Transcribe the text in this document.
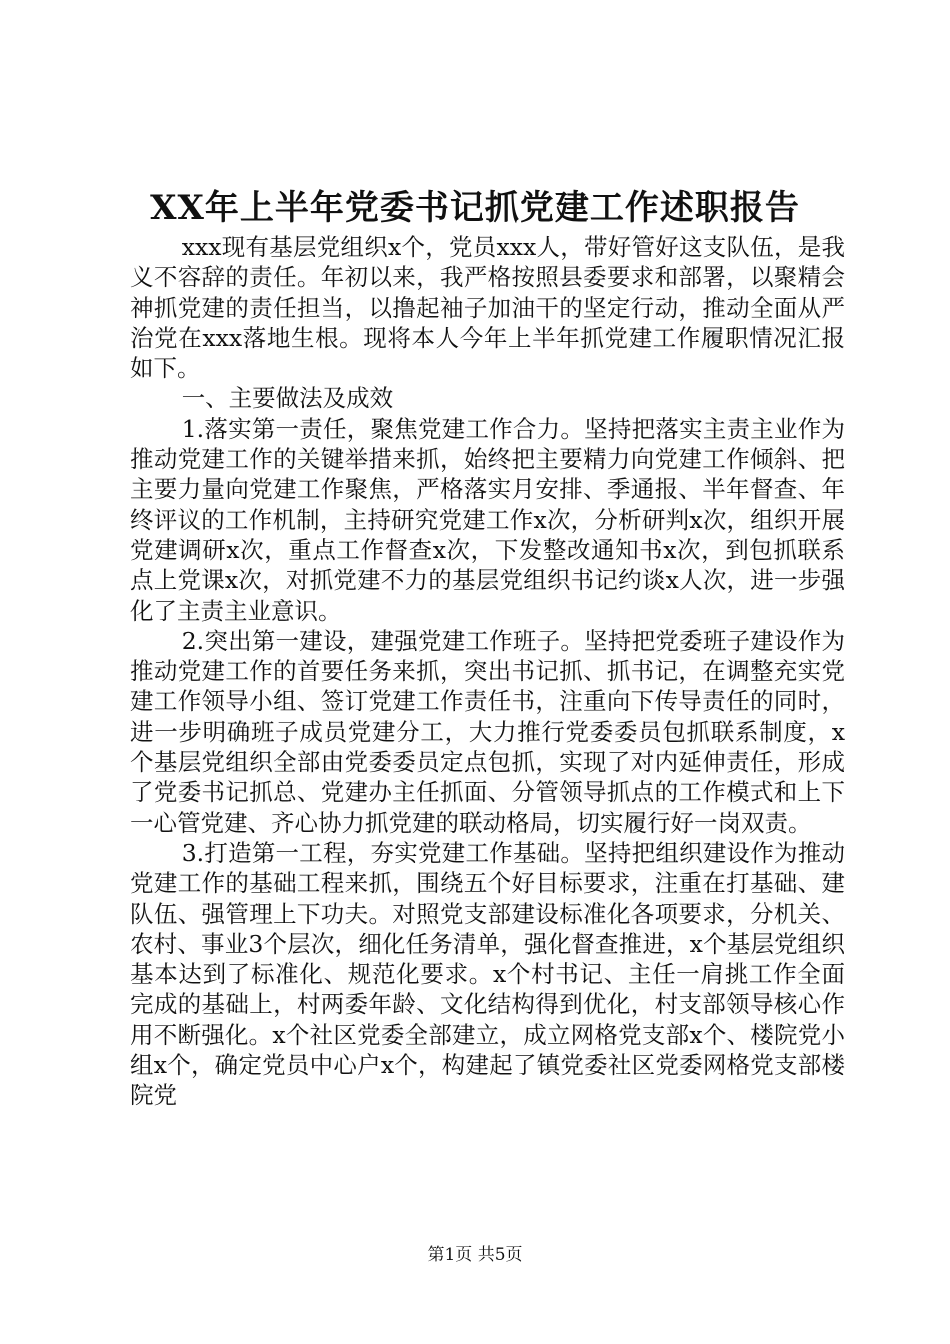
XX年上半年党委书记抓党建工作述职报告

xxx现有基层党组织x个，党员xxx人，带好管好这支队伍，是我义不容辞的责任。年初以来，我严格按照县委要求和部署，以聚精会神抓党建的责任担当，以撸起袖子加油干的坚定行动，推动全面从严治党在xxx落地生根。现将本人今年上半年抓党建工作履职情况汇报如下。

一、主要做法及成效

1.落实第一责任，聚焦党建工作合力。坚持把落实主责主业作为推动党建工作的关键举措来抓，始终把主要精力向党建工作倾斜、把主要力量向党建工作聚焦，严格落实月安排、季通报、半年督查、年终评议的工作机制，主持研究党建工作x次，分析研判x次，组织开展党建调研x次，重点工作督查x次，下发整改通知书x次，到包抓联系点上党课x次，对抓党建不力的基层党组织书记约谈x人次，进一步强化了主责主业意识。

2.突出第一建设，建强党建工作班子。坚持把党委班子建设作为推动党建工作的首要任务来抓，突出书记抓、抓书记，在调整充实党建工作领导小组、签订党建工作责任书，注重向下传导责任的同时，进一步明确班子成员党建分工，大力推行党委委员包抓联系制度，x个基层党组织全部由党委委员定点包抓，实现了对内延伸责任，形成了党委书记抓总、党建办主任抓面、分管领导抓点的工作模式和上下一心管党建、齐心协力抓党建的联动格局，切实履行好一岗双责。

3.打造第一工程，夯实党建工作基础。坚持把组织建设作为推动党建工作的基础工程来抓，围绕五个好目标要求，注重在打基础、建队伍、强管理上下功夫。对照党支部建设标准化各项要求，分机关、农村、事业3个层次，细化任务清单，强化督查推进，x个基层党组织基本达到了标准化、规范化要求。x个村书记、主任一肩挑工作全面完成的基础上，村两委年龄、文化结构得到优化，村支部领导核心作用不断强化。x个社区党委全部建立，成立网格党支部x个、楼院党小组x个，确定党员中心户x个，构建起了镇党委社区党委网格党支部楼院党

第1页 共5页
